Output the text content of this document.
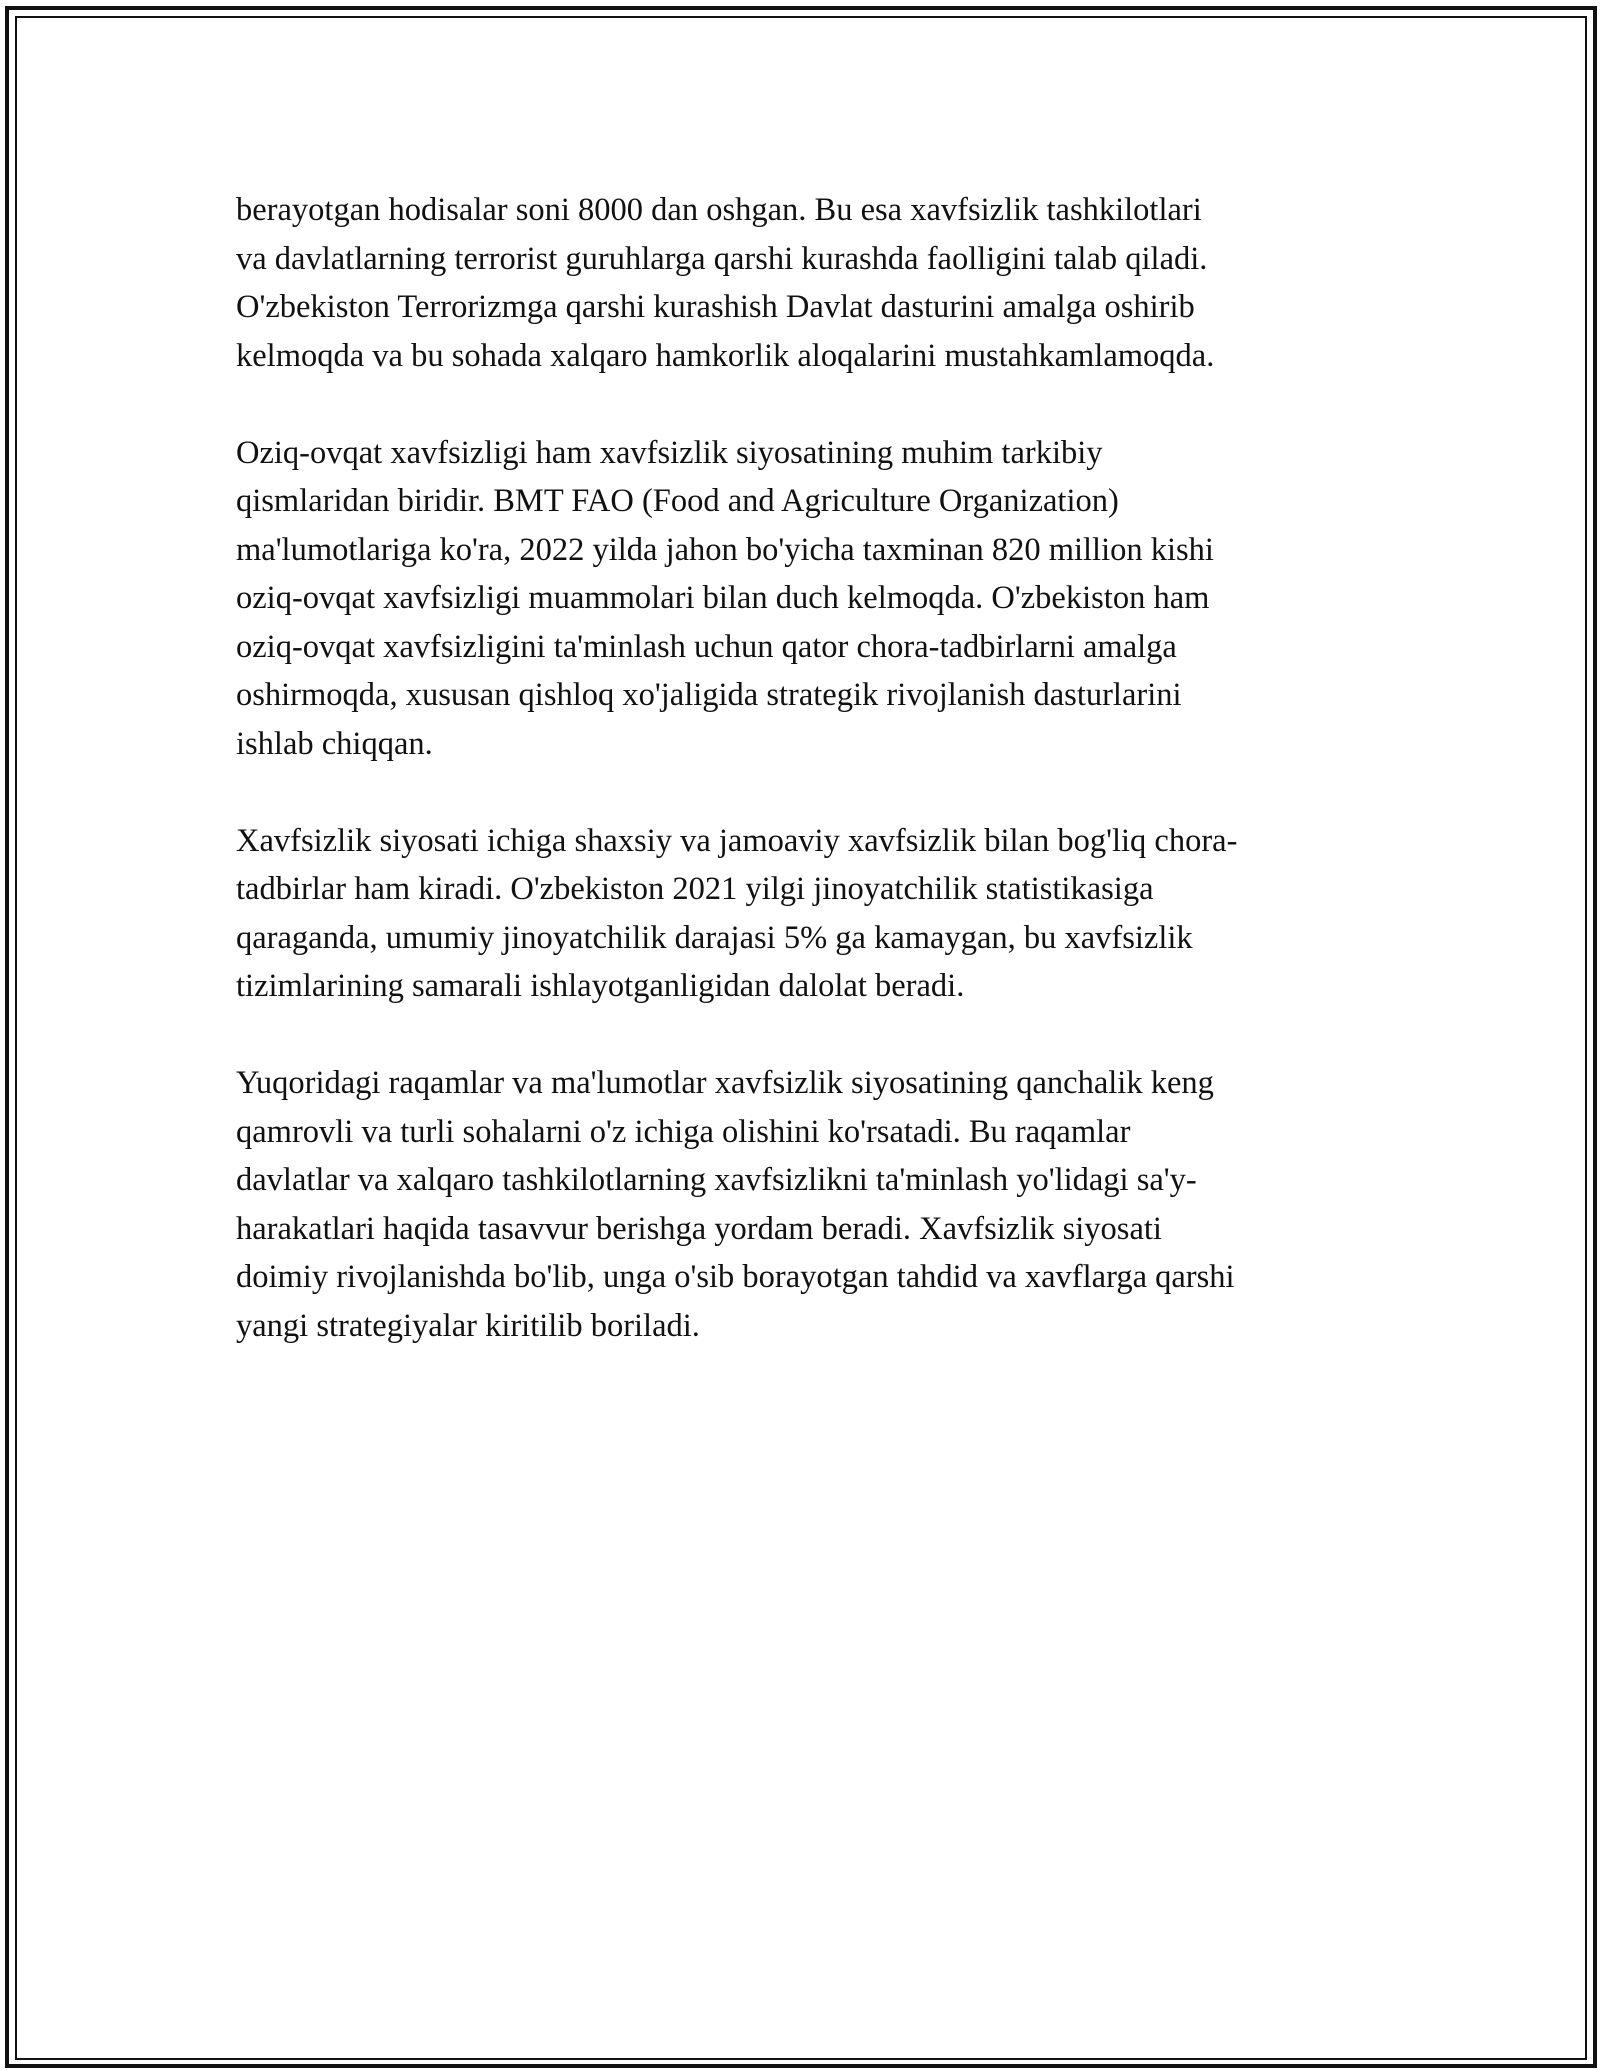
berayotgan hodisalar soni 8000 dan oshgan. Bu esa xavfsizlik tashkilotlari
va davlatlarning terrorist guruhlarga qarshi kurashda faolligini talab qiladi.
O'zbekiston Terrorizmga qarshi kurashish Davlat dasturini amalga oshirib
kelmoqda va bu sohada xalqaro hamkorlik aloqalarini mustahkamlamoqda.

Oziq-ovqat xavfsizligi ham xavfsizlik siyosatining muhim tarkibiy
qismlaridan biridir. BMT FAO (Food and Agriculture Organization)
ma'lumotlariga ko'ra, 2022 yilda jahon bo'yicha taxminan 820 million kishi
oziq-ovqat xavfsizligi muammolari bilan duch kelmoqda. O'zbekiston ham
oziq-ovqat xavfsizligini ta'minlash uchun qator chora-tadbirlarni amalga
oshirmoqda, xususan qishloq xo'jaligida strategik rivojlanish dasturlarini
ishlab chiqqan.

Xavfsizlik siyosati ichiga shaxsiy va jamoaviy xavfsizlik bilan bog'liq chora-
tadbirlar ham kiradi. O'zbekiston 2021 yilgi jinoyatchilik statistikasiga
qaraganda, umumiy jinoyatchilik darajasi 5% ga kamaygan, bu xavfsizlik
tizimlarining samarali ishlayotganligidan dalolat beradi.

Yuqoridagi raqamlar va ma'lumotlar xavfsizlik siyosatining qanchalik keng
qamrovli va turli sohalarni o'z ichiga olishini ko'rsatadi. Bu raqamlar
davlatlar va xalqaro tashkilotlarning xavfsizlikni ta'minlash yo'lidagi sa'y-
harakatlari haqida tasavvur berishga yordam beradi. Xavfsizlik siyosati
doimiy rivojlanishda bo'lib, unga o'sib borayotgan tahdid va xavflarga qarshi
yangi strategiyalar kiritilib boriladi.
